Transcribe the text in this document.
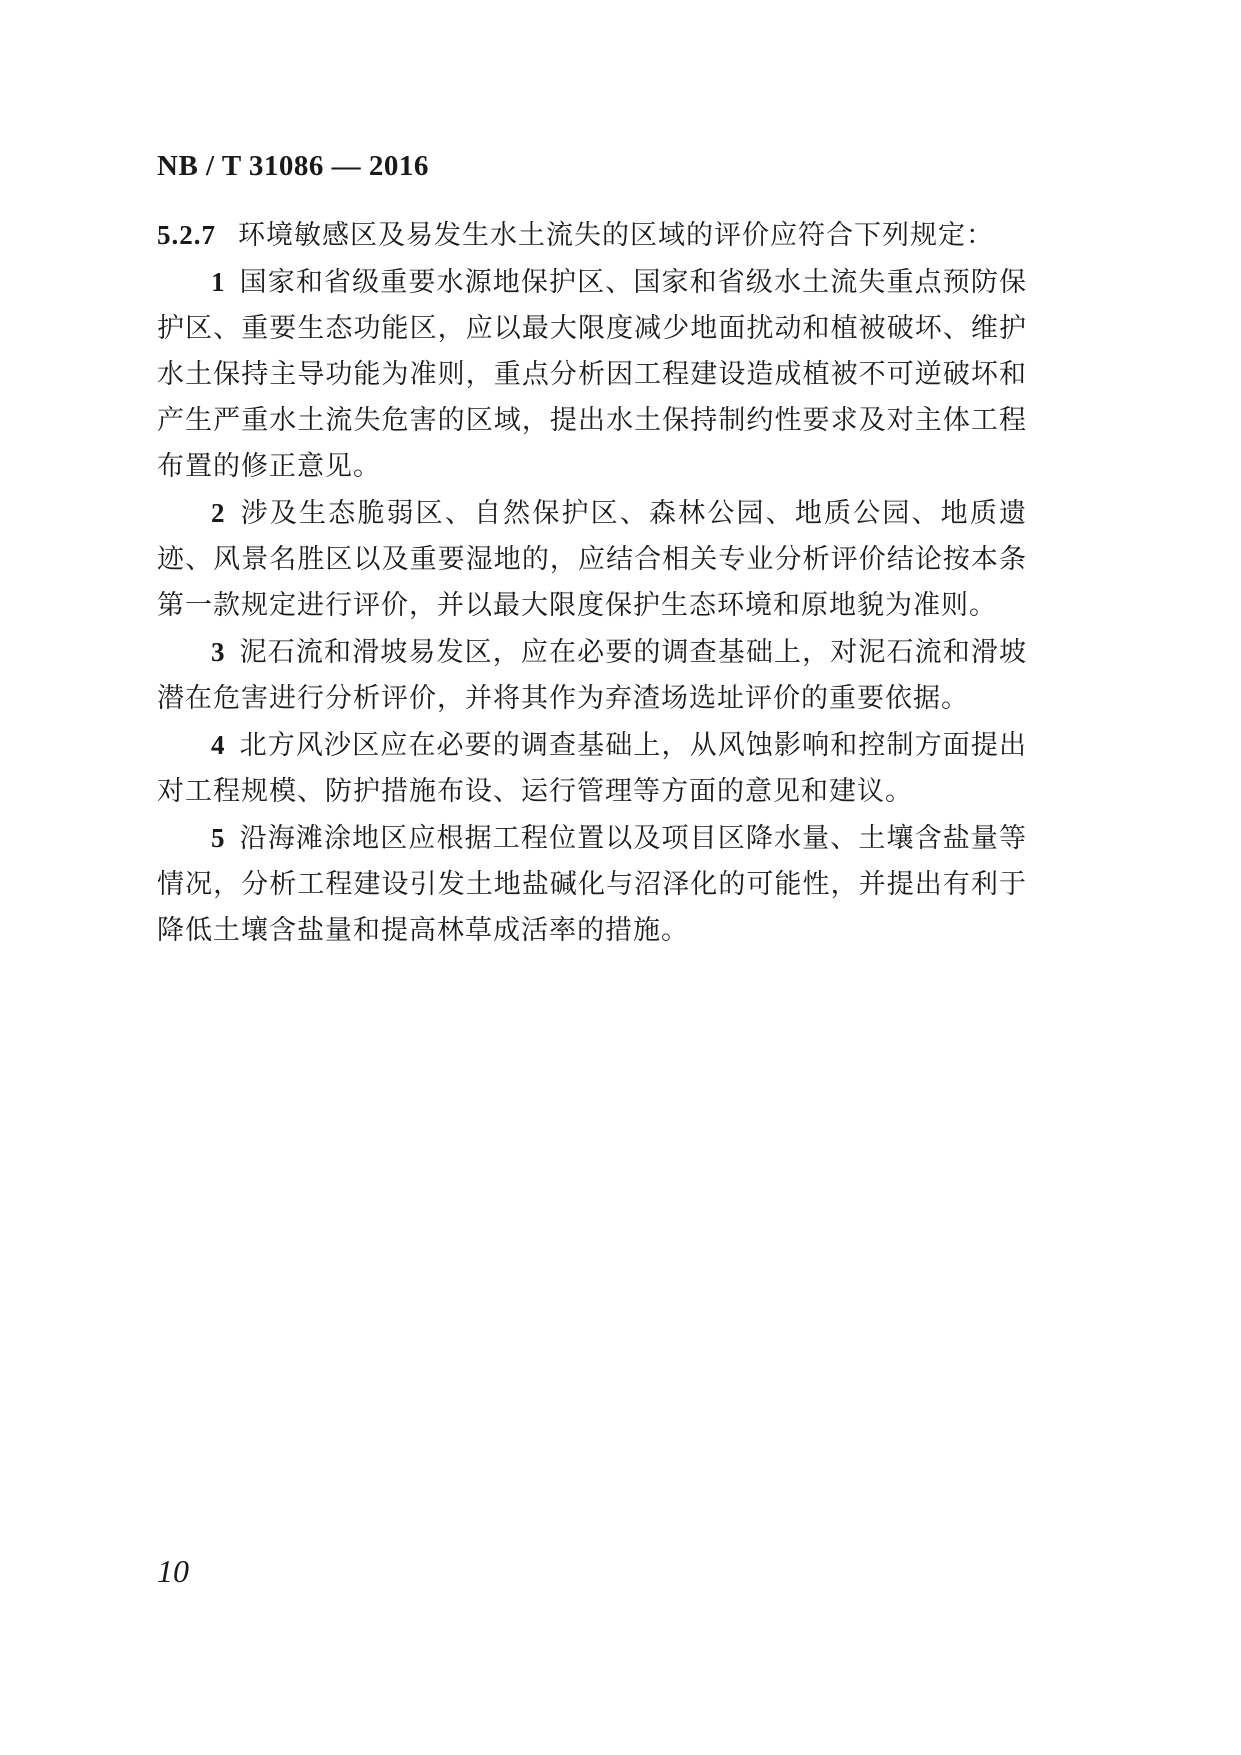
NB / T 31086 — 2016

5.2.7 环境敏感区及易发生水土流失的区域的评价应符合下列规定：

1 国家和省级重要水源地保护区、国家和省级水土流失重点预防保护区、重要生态功能区，应以最大限度减少地面扰动和植被破坏、维护水土保持主导功能为准则，重点分析因工程建设造成植被不可逆破坏和产生严重水土流失危害的区域，提出水土保持制约性要求及对主体工程布置的修正意见。

2 涉及生态脆弱区、自然保护区、森林公园、地质公园、地质遗迹、风景名胜区以及重要湿地的，应结合相关专业分析评价结论按本条第一款规定进行评价，并以最大限度保护生态环境和原地貌为准则。

3 泥石流和滑坡易发区，应在必要的调查基础上，对泥石流和滑坡潜在危害进行分析评价，并将其作为弃渣场选址评价的重要依据。

4 北方风沙区应在必要的调查基础上，从风蚀影响和控制方面提出对工程规模、防护措施布设、运行管理等方面的意见和建议。

5 沿海滩涂地区应根据工程位置以及项目区降水量、土壤含盐量等情况，分析工程建设引发土地盐碱化与沼泽化的可能性，并提出有利于降低土壤含盐量和提高林草成活率的措施。

10
